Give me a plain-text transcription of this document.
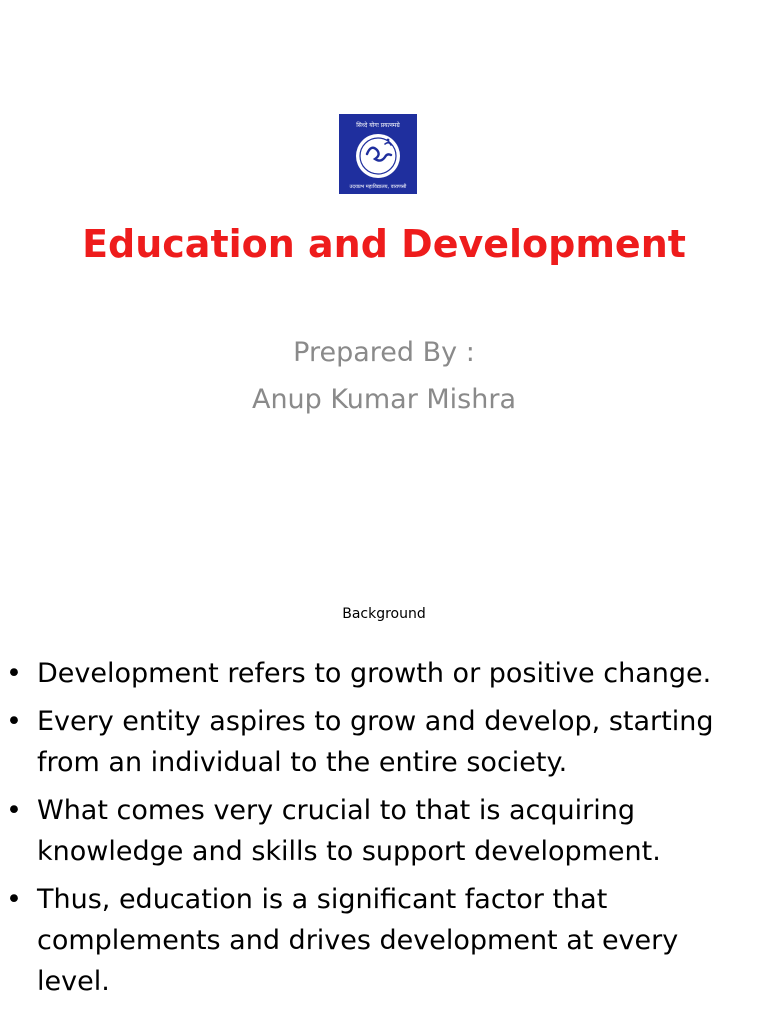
सिध्दे योगः प्रयत्नमग्रे
उदयप्रभ महाविद्यालय, वाराणसी
Education and Development

Prepared By :

Anup Kumar Mishra

Background

• Development refers to growth or positive change.
• Every entity aspires to grow and develop, starting from an individual to the entire society.
• What comes very crucial to that is acquiring knowledge and skills to support development.
• Thus, education is a significant factor that complements and drives development at every level.
